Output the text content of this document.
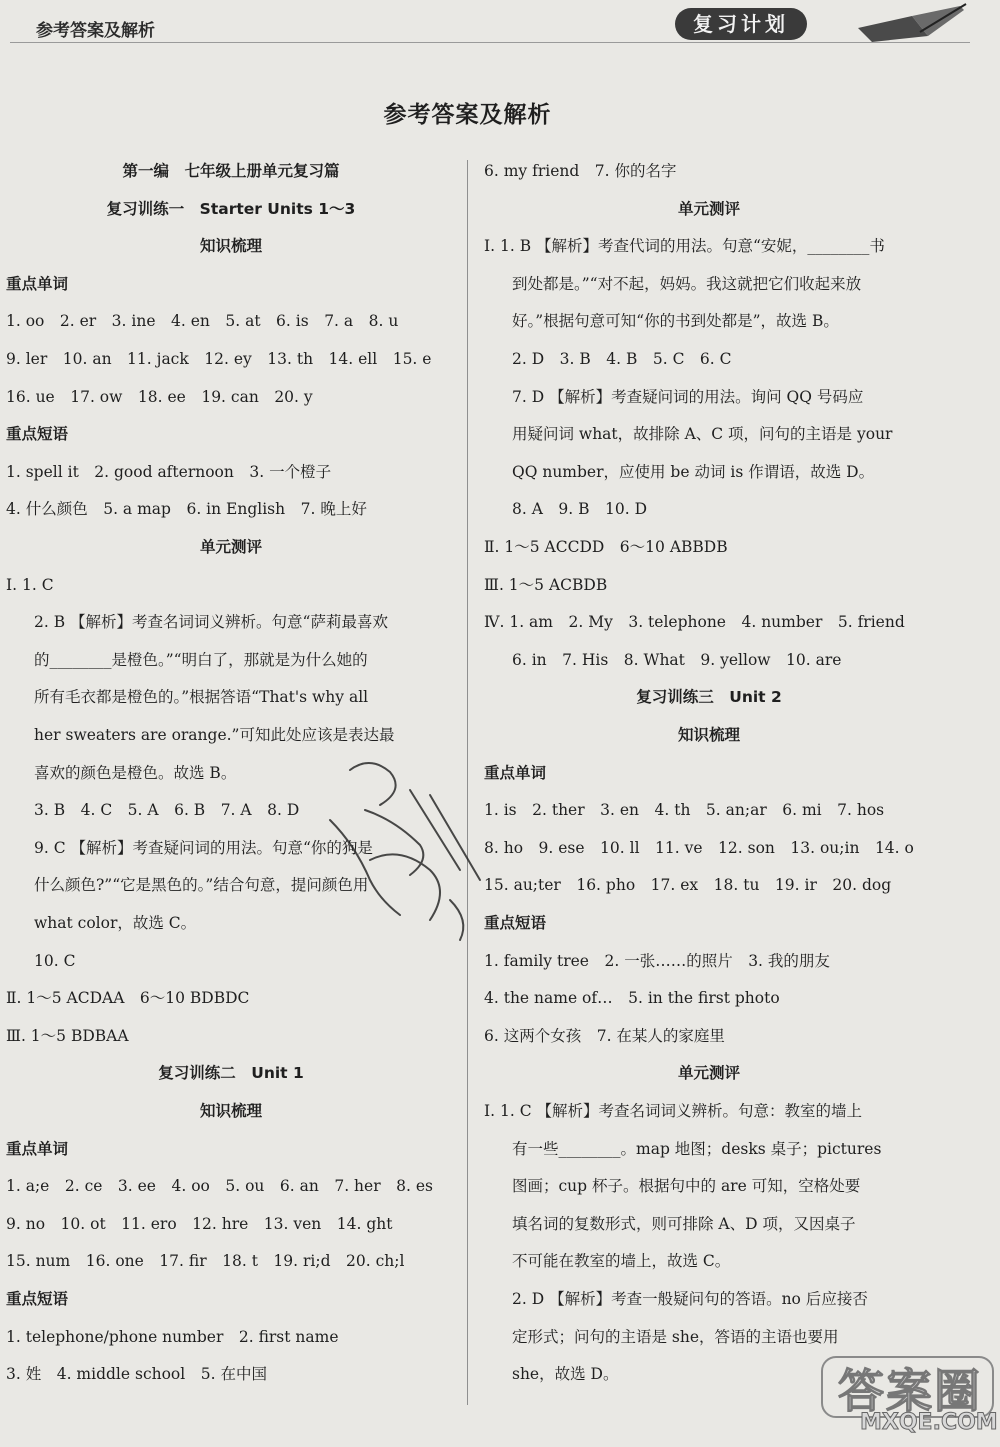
参考答案及解析	复习计划
参考答案及解析
第一编　七年级上册单元复习篇
复习训练一　Starter Units 1～3
知识梳理
重点单词
1. oo　2. er　3. ine　4. en　5. at　6. is　7. a　8. u
9. ler　10. an　11. jack　12. ey　13. th　14. ell　15. e
16. ue　17. ow　18. ee　19. can　20. y
重点短语
1. spell it　2. good afternoon　3. 一个橙子
4. 什么颜色　5. a map　6. in English　7. 晚上好
单元测评
Ⅰ. 1. C
2. B 【解析】考查名词词义辨析。句意“萨莉最喜欢
的________是橙色。”“明白了，那就是为什么她的
所有毛衣都是橙色的。”根据答语“That's why all
her sweaters are orange.”可知此处应该是表达最
喜欢的颜色是橙色。故选 B。
3. B　4. C　5. A　6. B　7. A　8. D
9. C 【解析】考查疑问词的用法。句意“你的狗是
什么颜色?”“它是黑色的。”结合句意，提问颜色用
what color，故选 C。
10. C
Ⅱ. 1～5 ACDAA　6～10 BDBDC
Ⅲ. 1～5 BDBAA
复习训练二　Unit 1
知识梳理
重点单词
1. a;e　2. ce　3. ee　4. oo　5. ou　6. an　7. her　8. es
9. no　10. ot　11. ero　12. hre　13. ven　14. ght
15. num　16. one　17. fir　18. t　19. ri;d　20. ch;l
重点短语
1. telephone/phone number　2. first name
3. 姓　4. middle school　5. 在中国
6. my friend　7. 你的名字
单元测评
Ⅰ. 1. B 【解析】考查代词的用法。句意“安妮，________书
到处都是。”“对不起，妈妈。我这就把它们收起来放
好。”根据句意可知“你的书到处都是”，故选 B。
2. D　3. B　4. B　5. C　6. C
7. D 【解析】考查疑问词的用法。询问 QQ 号码应
用疑问词 what，故排除 A、C 项，问句的主语是 your
QQ number，应使用 be 动词 is 作谓语，故选 D。
8. A　9. B　10. D
Ⅱ. 1～5 ACCDD　6～10 ABBDB
Ⅲ. 1～5 ACBDB
Ⅳ. 1. am　2. My　3. telephone　4. number　5. friend
6. in　7. His　8. What　9. yellow　10. are
复习训练三　Unit 2
知识梳理
重点单词
1. is　2. ther　3. en　4. th　5. an;ar　6. mi　7. hos
8. ho　9. ese　10. ll　11. ve　12. son　13. ou;in　14. o
15. au;ter　16. pho　17. ex　18. tu　19. ir　20. dog
重点短语
1. family tree　2. 一张……的照片　3. 我的朋友
4. the name of…　5. in the first photo
6. 这两个女孩　7. 在某人的家庭里
单元测评
Ⅰ. 1. C 【解析】考查名词词义辨析。句意：教室的墙上
有一些________。map 地图；desks 桌子；pictures
图画；cup 杯子。根据句中的 are 可知，空格处要
填名词的复数形式，则可排除 A、D 项，又因桌子
不可能在教室的墙上，故选 C。
2. D 【解析】考查一般疑问句的答语。no 后应接否
定形式；问句的主语是 she，答语的主语也要用
she，故选 D。	答案圈
MXQE.COM
